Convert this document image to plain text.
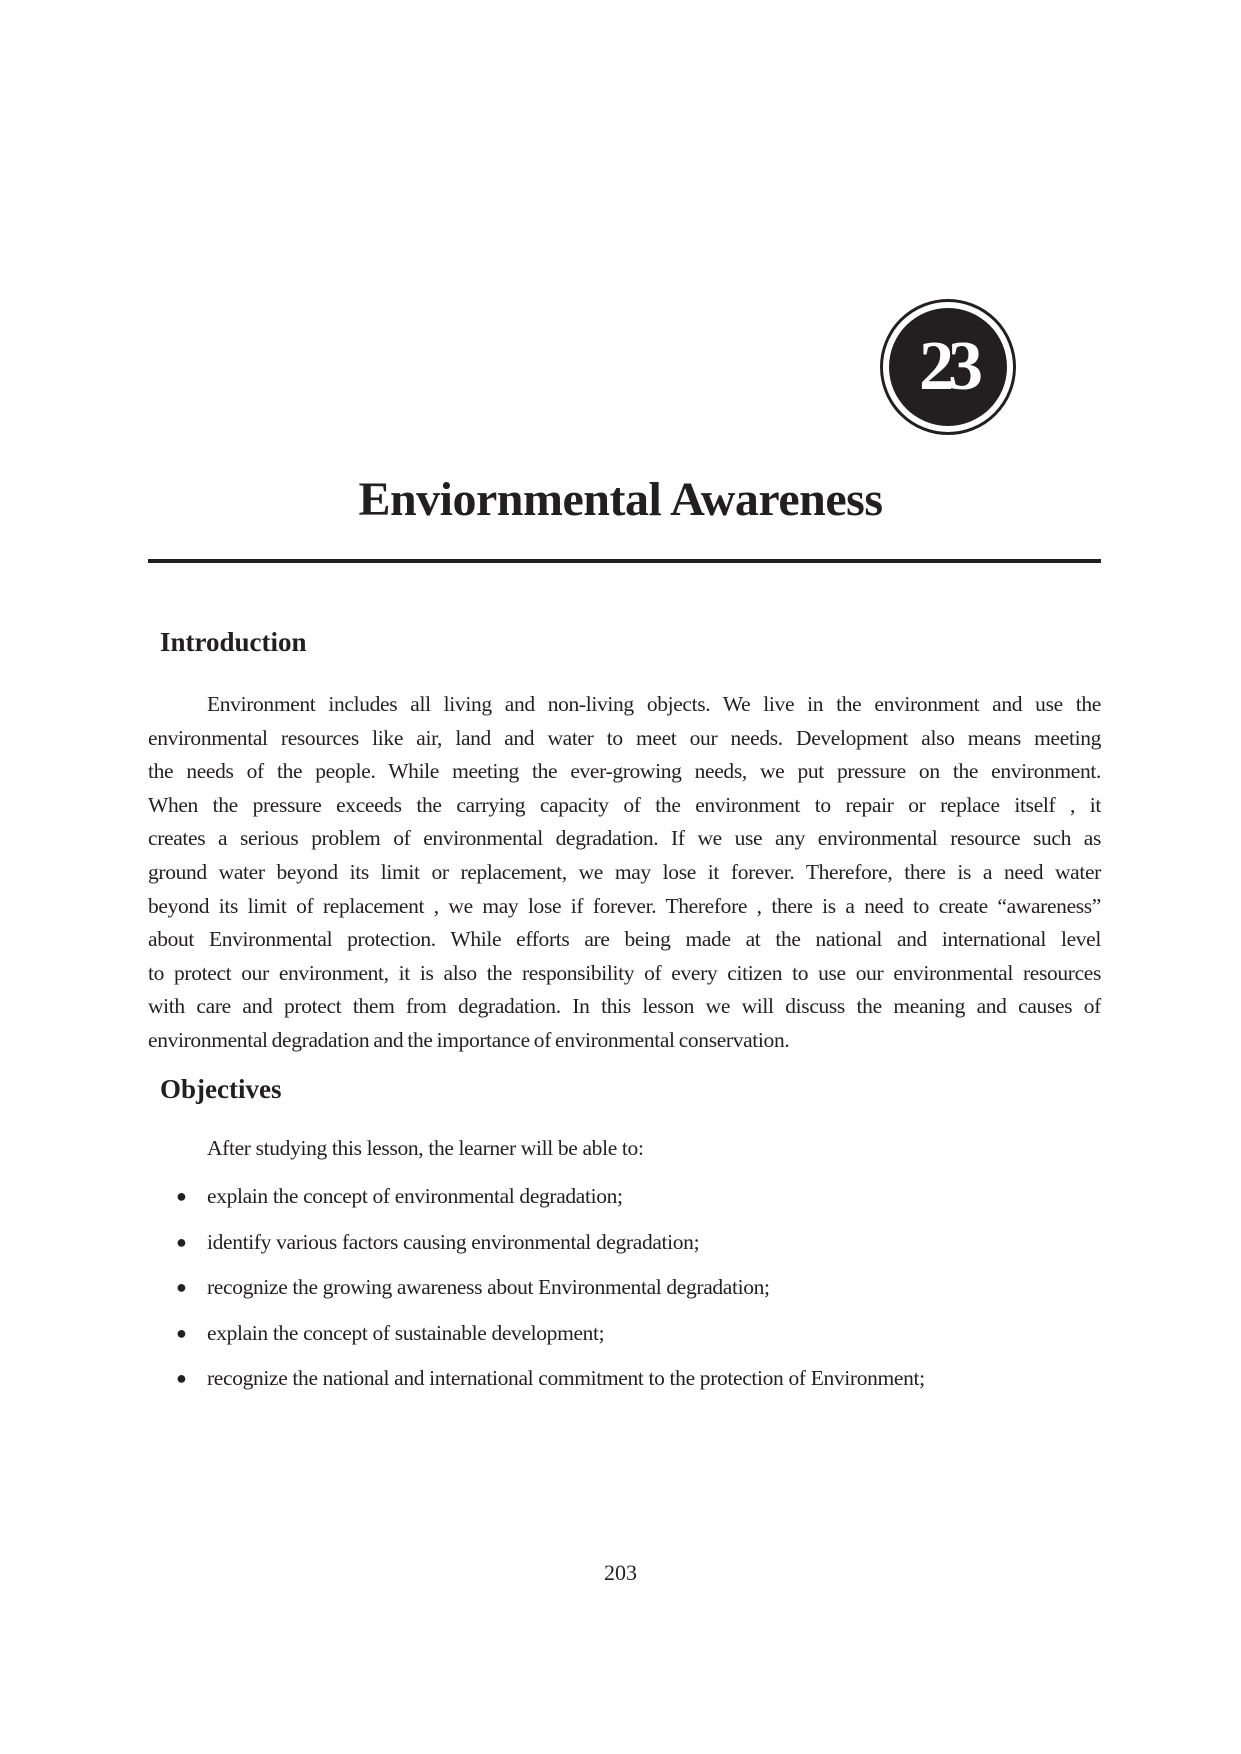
23
Enviornmental Awareness
Introduction
Environment includes all living and non-living objects. We live in the environment and use the
environmental resources like air, land and water to meet our needs. Development also means meeting
the needs of the people. While meeting the ever-growing needs, we put pressure on the environment.
When the pressure exceeds the carrying capacity of the environment to repair or replace itself , it
creates a serious problem of environmental degradation. If we use any environmental resource such as
ground water beyond its limit or replacement, we may lose it forever. Therefore, there is a need water
beyond its limit of replacement , we may lose if forever. Therefore , there is a need to create “awareness”
about Environmental protection. While efforts are being made at the national and international level
to protect our environment, it is also the responsibility of every citizen to use our environmental resources
with care and protect them from degradation. In this lesson we will discuss the meaning and causes of
environmental degradation and the importance of environmental conservation.
Objectives
After studying this lesson, the learner will be able to:
● explain the concept of environmental degradation;
● identify various factors causing environmental degradation;
● recognize the growing awareness about Environmental degradation;
● explain the concept of sustainable development;
● recognize the national and international commitment to the protection of Environment;
203
